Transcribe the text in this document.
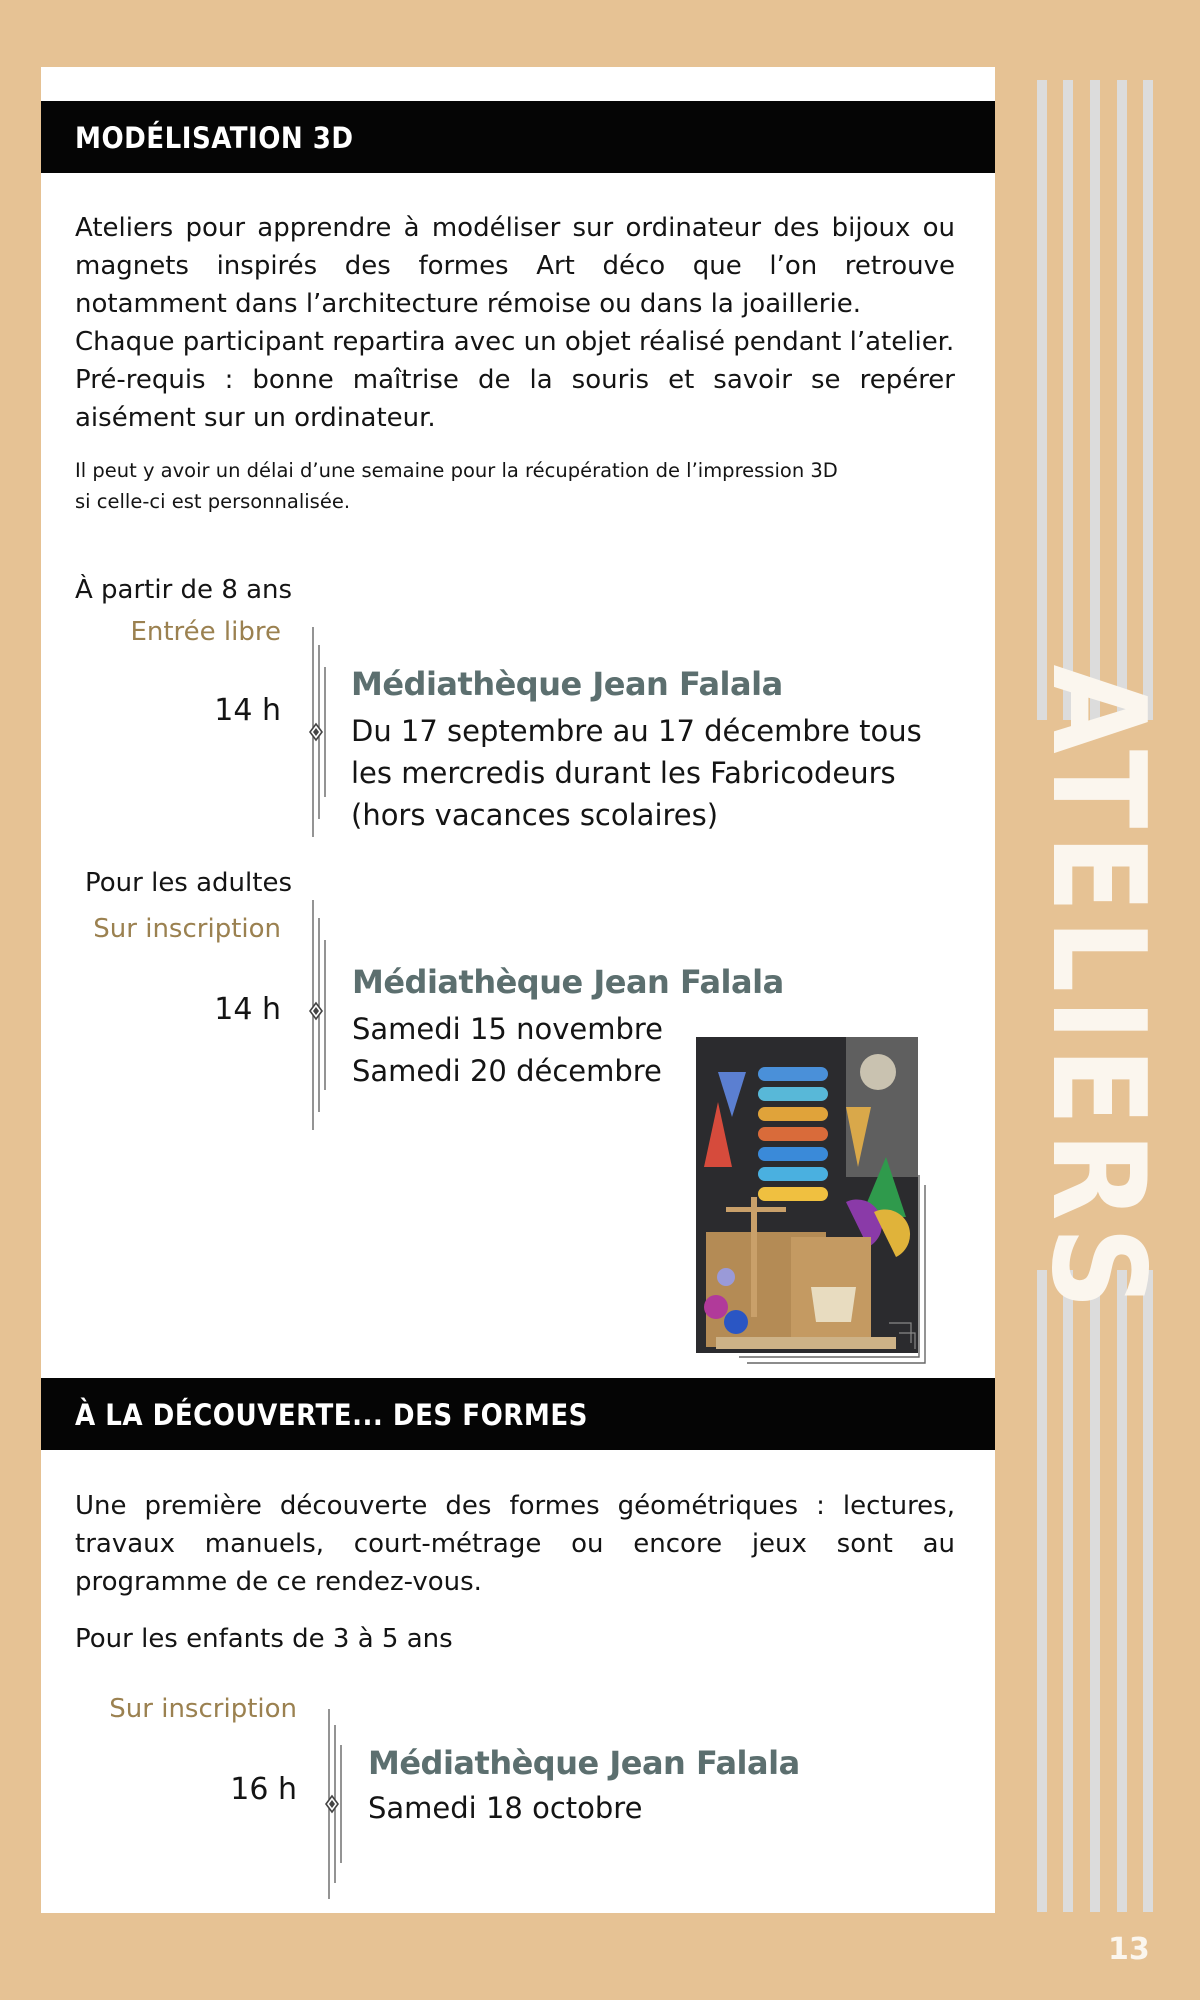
ATELIERS
13
MODÉLISATION 3D

Ateliers pour apprendre à modéliser sur ordinateur des bijoux ou magnets inspirés des formes Art déco que l’on retrouve notamment dans l’architecture rémoise ou dans la joaillerie.

Chaque participant repartira avec un objet réalisé pendant l’atelier.

Pré-requis : bonne maîtrise de la souris et savoir se repérer aisément sur un ordinateur.

Il peut y avoir un délai d’une semaine pour la récupération de l’impression 3D

si celle-ci est personnalisée.

À partir de 8 ans

Entrée libre

14 h

Médiathèque Jean Falala

Du 17 septembre au 17 décembre tous

les mercredis durant les Fabricodeurs

(hors vacances scolaires)

Pour les adultes

Sur inscription

14 h

Médiathèque Jean Falala

Samedi 15 novembre

Samedi 20 décembre

À LA DÉCOUVERTE... DES FORMES

Une première découverte des formes géométriques : lectures, travaux manuels, court-métrage ou encore jeux sont au programme de ce rendez-vous.

Pour les enfants de 3 à 5 ans

Sur inscription

16 h

Médiathèque Jean Falala

Samedi 18 octobre
